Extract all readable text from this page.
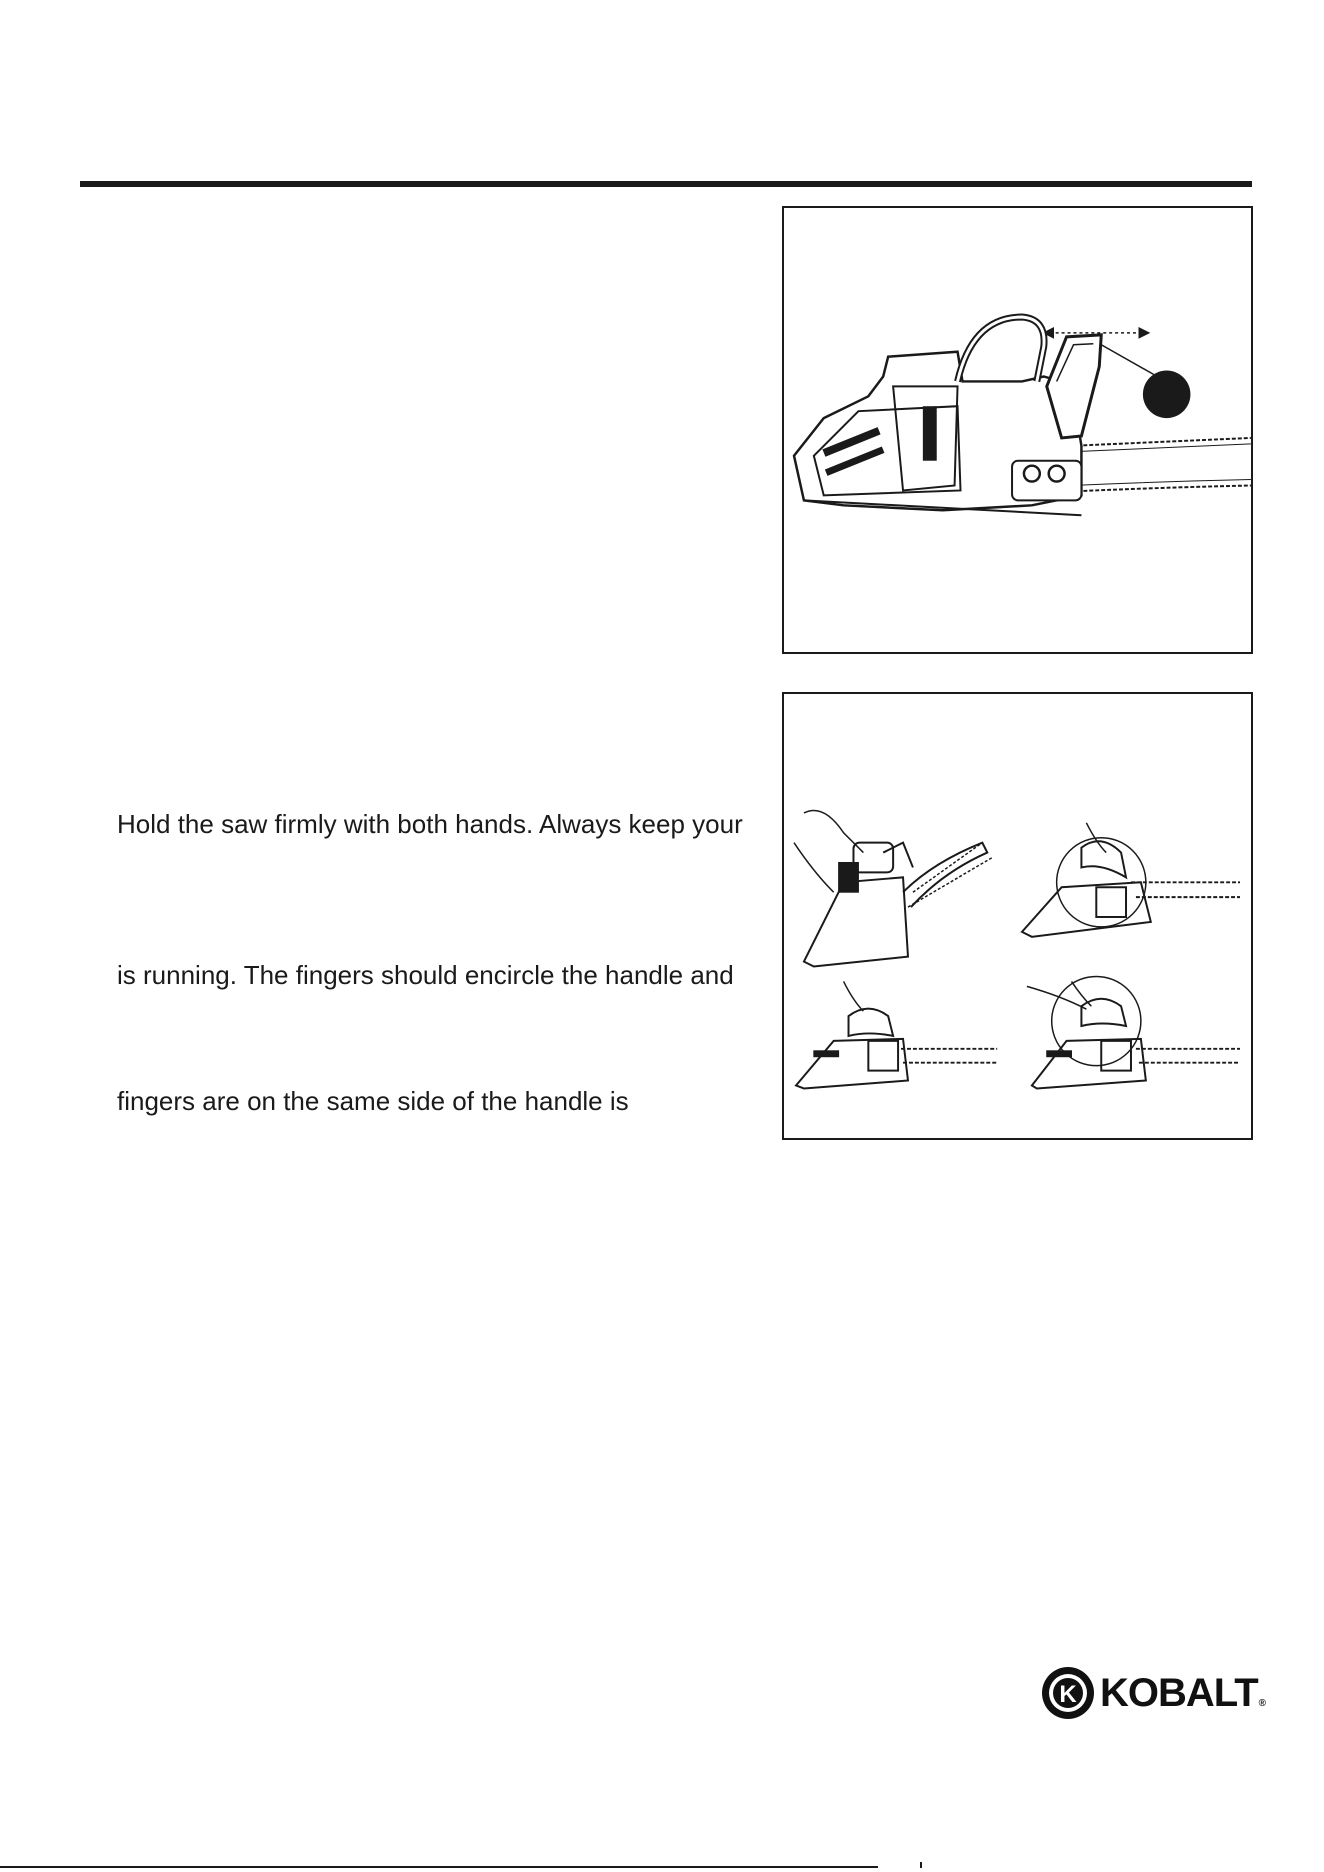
Hold the saw firmly with both hands. Always keep your
is running. The fingers should encircle the handle and
fingers are on the same side of the handle is
K KOBALT ®
